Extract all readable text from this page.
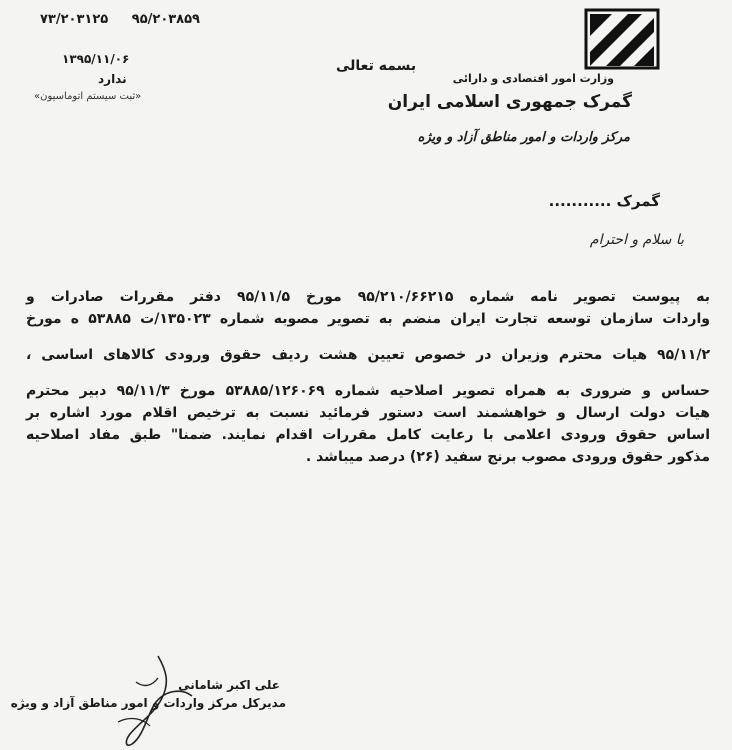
۷۳/۲۰۳۱۲۵ ۹۵/۲۰۳۸۵۹
۱۳۹۵/۱۱/۰۶
ندارد
«ثبت سیستم اتوماسیون»
بسمه تعالی
وزارت امور اقتصادی و دارائی
گمرک جمهوری اسلامی ایران
مرکز واردات و امور مناطق آزاد و ویژه
گمرک ...........
با سلام و احترام
به پیوست تصویر نامه شماره ۹۵/۲۱۰/۶۶۲۱۵ مورخ ۹۵/۱۱/۵ دفتر مقررات صادرات و
واردات سازمان توسعه تجارت ایران منضم به تصویر مصوبه شماره ۱۳۵۰۲۳/ت ۵۳۸۸۵ ه مورخ
۹۵/۱۱/۲ هیات محترم وزیران در خصوص تعیین هشت ردیف حقوق ورودی کالاهای اساسی ،
حساس و ضروری به همراه تصویر اصلاحیه شماره ۵۳۸۸۵/۱۲۶۰۶۹ مورخ ۹۵/۱۱/۳ دبیر محترم
هیات دولت ارسال و خواهشمند است دستور فرمائید نسبت به ترخیص اقلام مورد اشاره بر
اساس حقوق ورودی اعلامی با رعایت کامل مقررات اقدام نمایند. ضمنا" طبق مفاد اصلاحیه
مذکور حقوق ورودی مصوب برنج سفید (۲۶) درصد میباشد .
علی اکبر شامانی
مدیرکل مرکز واردات و امور مناطق آزاد و ویژه
